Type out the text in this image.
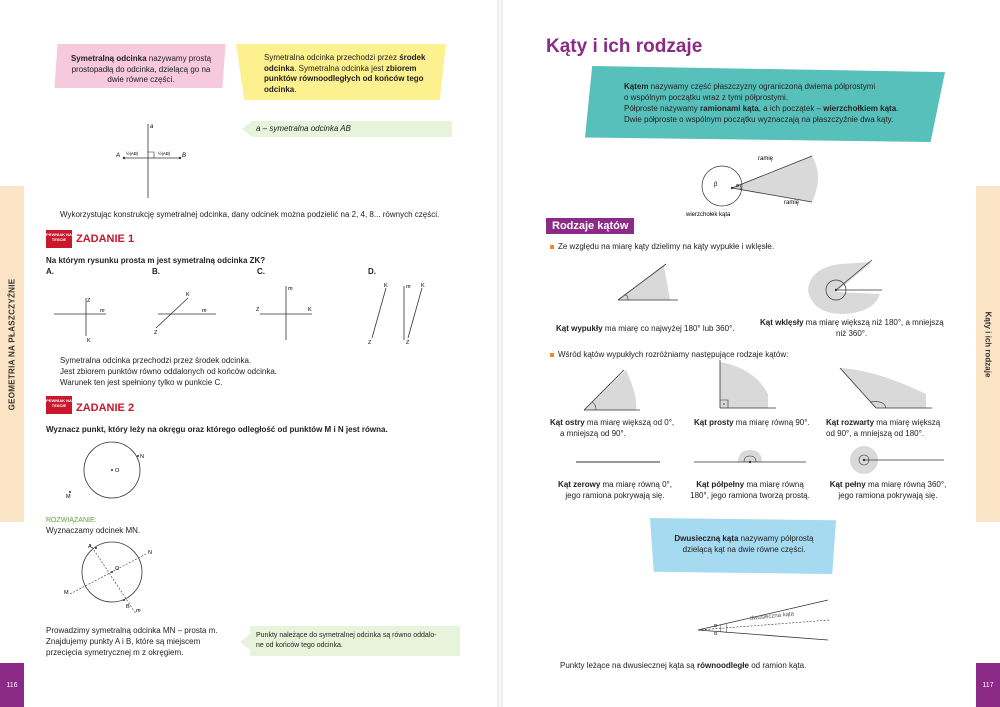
GEOMETRIA NA PŁASZCZYŹNIE	Kąty i ich rodzaje
116	117
Symetralną odcinka nazywamy prostą prostopadłą do odcinka, dzielącą go na dwie równe części.
Symetralna odcinka przechodzi przez środek odcinka. Symetralna odcinka jest zbiorem punktów równoodległych od końców tego odcinka.
a
A	B
½|AB|	½|AB|
a – symetralna odcinka AB
Wykorzystując konstrukcję symetralnej odcinka, dany odcinek można podzielić na 2, 4, 8... równych części.
PEWNIAK NA TESCIE ZADANIE 1
Na którym rysunku prosta m jest symetralną odcinka ZK?
A.	B.	C.	D.
Z
K
m
Z
K
m
m
Z	K
K	m K
Z	Z
Symetralna odcinka przechodzi przez środek odcinka.
Jest zbiorem punktów równo oddalonych od końców odcinka.
Warunek ten jest spełniony tylko w punkcie C.
PEWNIAK NA TESCIE ZADANIE 2
Wyznacz punkt, który leży na okręgu oraz którego odległość od punktów M i N jest równa.
O
N
M
ROZWIĄZANIE:
Wyznaczamy odcinek MN.
O
N
M
A
B
m
Prowadzimy symetralną odcinka MN – prosta m.
Znajdujemy punkty A i B, które są miejscem
przecięcia symetrycznej m z okręgiem.
Punkty należące do symetralnej odcinka są równo oddalo-
ne od końców tego odcinka.
Kąty i ich rodzaje
Kątem nazywamy część płaszczyzny ograniczoną dwiema półprostymi
o wspólnym początku wraz z tymi półprostymi.
Półproste nazywamy ramionami kąta, a ich początek – wierzchołkiem kąta.
Dwie półproste o wspólnym początku wyznaczają na płaszczyźnie dwa kąty.
ramię
ramię
α
β
wierzchołek kąta
Rodzaje kątów
Ze względu na miarę kąty dzielimy na kąty wypukłe i wklęsłe.
Kąt wypukły ma miarę co najwyżej 180° lub 360°.
Kąt wklęsły ma miarę większą niż 180°, a mniejszą
niż 360°.
Wśród kątów wypukłych rozróżniamy następujące rodzaje kątów:
Kąt ostry ma miarę większą od 0°,
a mniejszą od 90°.
Kąt prosty ma miarę równą 90°. Kąt rozwarty ma miarę większą
od 90°, a mniejszą od 180°.
Kąt zerowy ma miarę równą 0°,
jego ramiona pokrywają się.
Kąt półpełny ma miarę równą
180°, jego ramiona tworzą prostą.
Kąt pełny ma miarę równą 360°,
jego ramiona pokrywają się.
Dwusieczną kąta nazywamy półprostą
dzielącą kąt na dwie równe części.
α
α
dwusieczna kąta
Punkty leżące na dwusiecznej kąta są równoodległe od ramion kąta.
